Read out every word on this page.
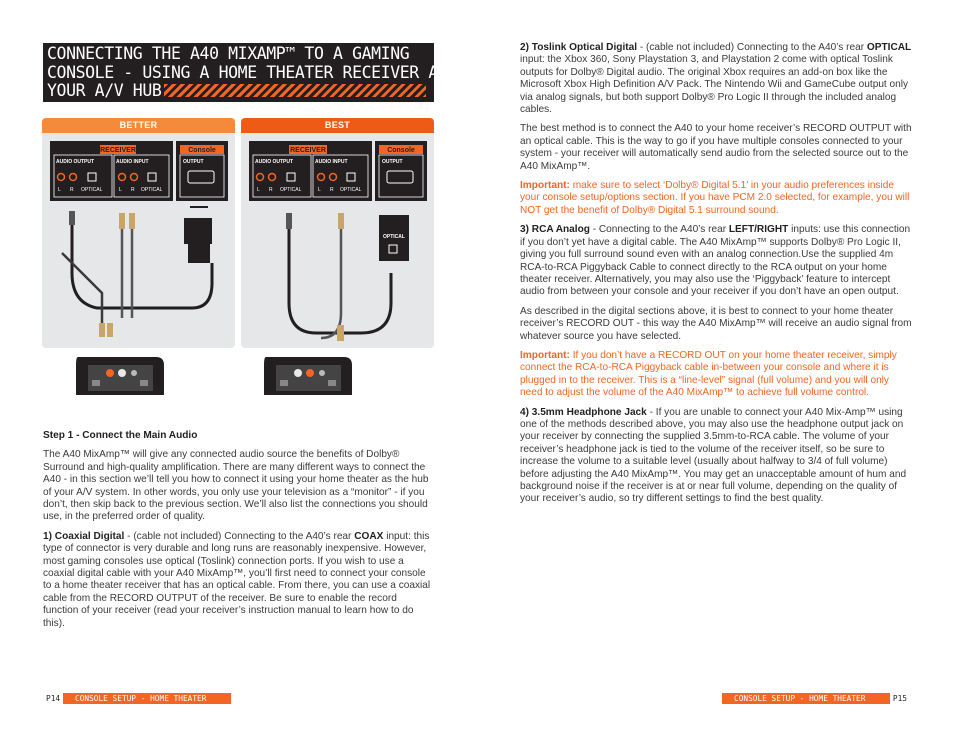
CONNECTING THE A40 MIXAMP™ TO A GAMING
CONSOLE - USING A HOME THEATER RECEIVER AS
YOUR A/V HUB
BETTER
RECEIVER
AUDIO OUTPUT	AUDIO INPUT
L R OPTICAL	L R OPTICAL
Console
OUTPUT
BEST
RECEIVER
AUDIO OUTPUT	AUDIO INPUT
L R OPTICAL	L R OPTICAL
Console
OUTPUT
OPTICAL

Step 1 - Connect the Main Audio

The A40 MixAmp™ will give any connected audio source the benefits of Dolby® Surround and high-quality amplification. There are many different ways to connect the A40 - in this section we’ll tell you how to connect it using your home theater as the hub of your A/V system. In other words, you only use your television as a “monitor” - if you don’t, then skip back to the previous section. We’ll also list the connections you should use, in the preferred order of quality.

1) Coaxial Digital - (cable not included) Connecting to the A40’s rear COAX input: this type of connector is very durable and long runs are reasonably inexpensive. However, most gaming consoles use optical (Toslink) connection ports. If you wish to use a coaxial digital cable with your A40 MixAmp™, you’ll first need to connect your console to a home theater receiver that has an optical cable. From there, you can use a coaxial cable from the RECORD OUTPUT of the receiver. Be sure to enable the record function of your receiver (read your receiver’s instruction manual to learn how to do this).

2) Toslink Optical Digital - (cable not included) Connecting to the A40’s rear OPTICAL input: the Xbox 360, Sony Playstation 3, and Playstation 2 come with optical Toslink outputs for Dolby® Digital audio. The original Xbox requires an add-on box like the Microsoft Xbox High Definition A/V Pack. The Nintendo Wii and GameCube output only via analog signals, but both support Dolby® Pro Logic II through the included analog cables.

The best method is to connect the A40 to your home receiver’s RECORD OUTPUT with an optical cable. This is the way to go if you have multiple consoles connected to your system - your receiver will automatically send audio from the selected source out to the A40 MixAmp™.

Important: make sure to select ‘Dolby® Digital 5.1’ in your audio preferences inside your console setup/options section. If you have PCM 2.0 selected, for example, you will NOT get the benefit of Dolby® Digital 5.1 surround sound.

3) RCA Analog - Connecting to the A40’s rear LEFT/RIGHT inputs: use this connection if you don’t yet have a digital cable. The A40 MixAmp™ supports Dolby® Pro Logic II, giving you full surround sound even with an analog connection.Use the supplied 4m RCA-to-RCA Piggyback Cable to connect directly to the RCA output on your home theater receiver. Alternatively, you may also use the ‘Piggyback’ feature to intercept audio from between your console and your receiver if you don’t have an open output.

As described in the digital sections above, it is best to connect to your home theater receiver’s RECORD OUT - this way the A40 MixAmp™ will receive an audio signal from whatever source you have selected.

Important: If you don’t have a RECORD OUT on your home theater receiver, simply connect the RCA-to-RCA Piggyback cable in-between your console and where it is plugged in to the receiver. This is a “line-level” signal (full volume) and you will only need to adjust the volume of the A40 MixAmp™ to achieve full volume control.

4) 3.5mm Headphone Jack - If you are unable to connect your A40 Mix-Amp™ using one of the methods described above, you may also use the headphone output jack on your receiver by connecting the supplied 3.5mm-to-RCA cable. The volume of your receiver’s headphone jack is tied to the volume of the receiver itself, so be sure to increase the volume to a suitable level (usually about halfway to 3/4 of full volume) before adjusting the A40 MixAmp™. You may get an unacceptable amount of hum and background noise if the receiver is at or near full volume, depending on the quality of your receiver’s audio, so try different settings to find the best quality.

P14	CONSOLE SETUP - HOME THEATER	CONSOLE SETUP - HOME THEATER	P15
